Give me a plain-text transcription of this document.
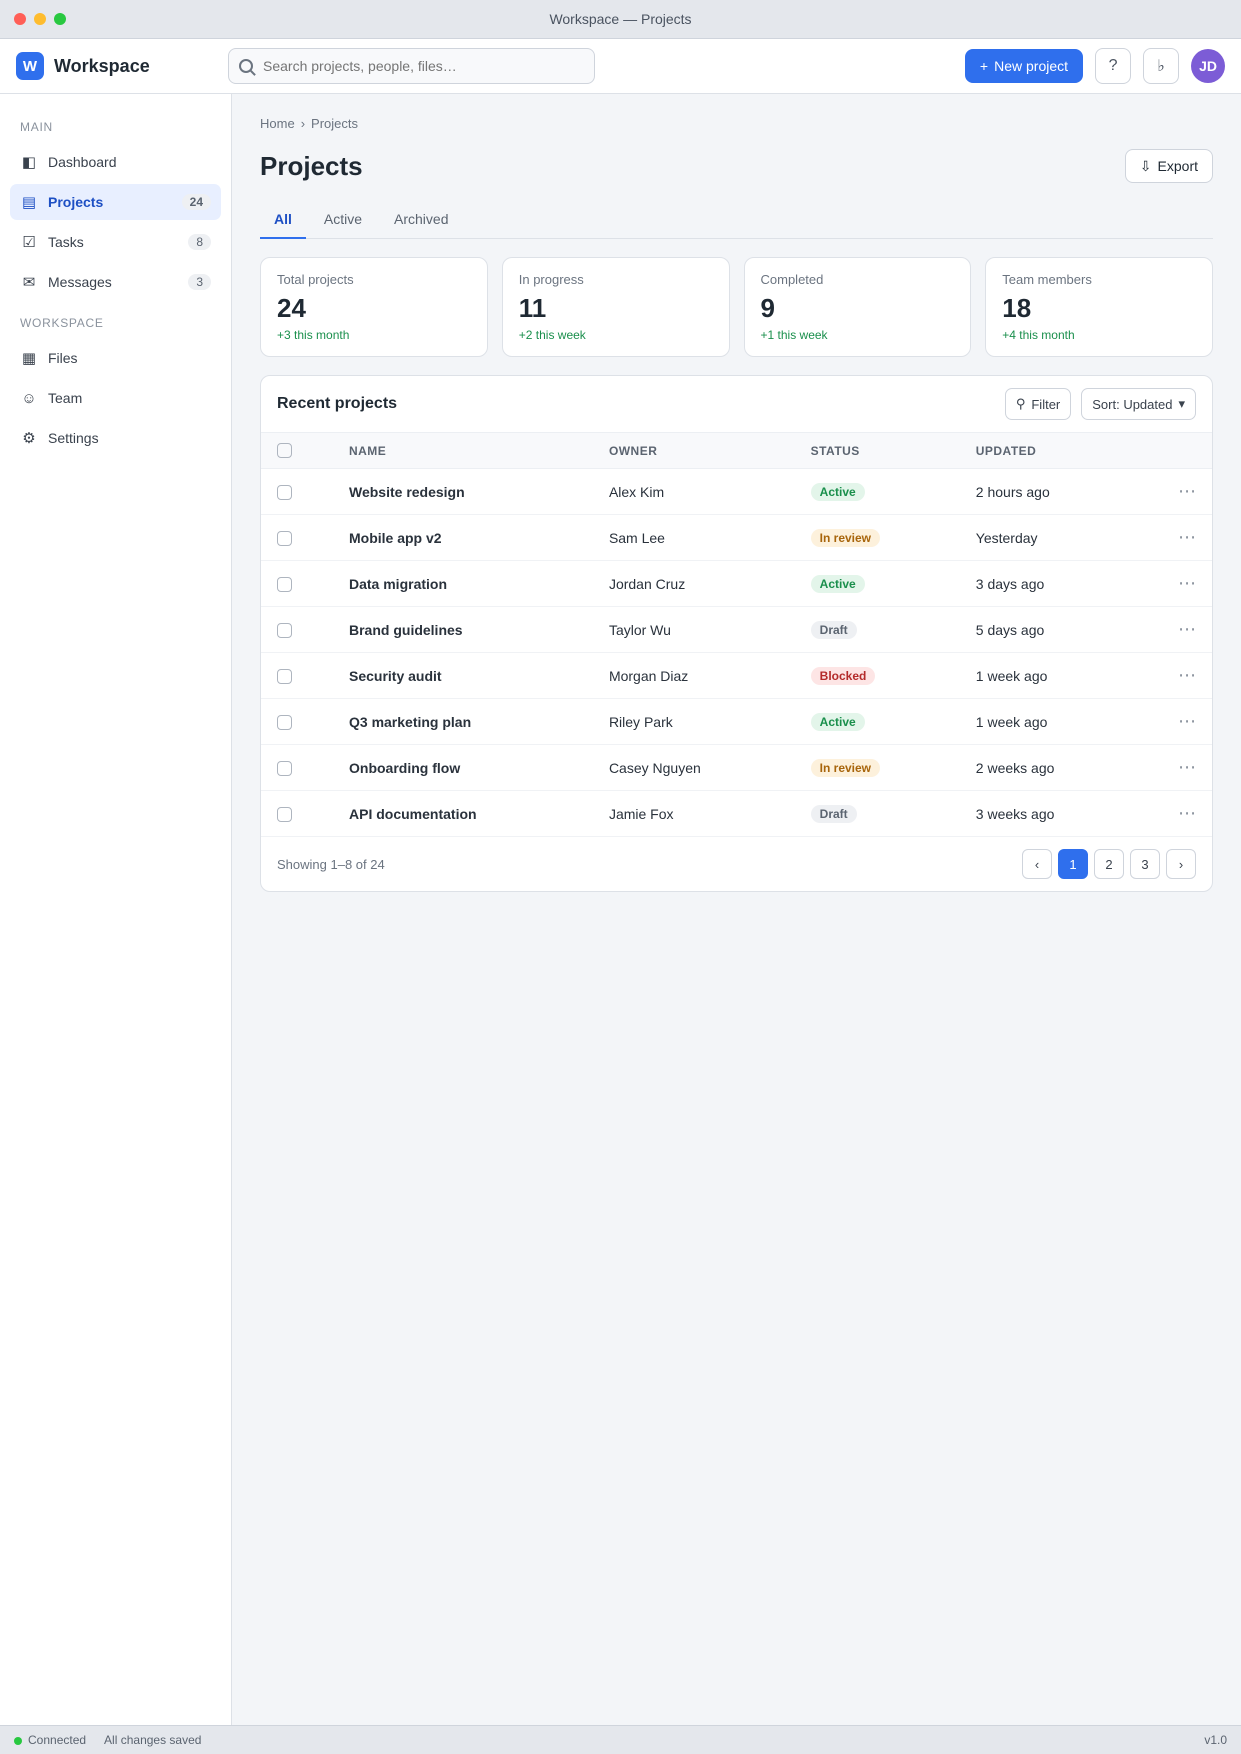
Workspace — Projects
W Workspace
Search projects, people, files…	+ New project	?	♭	JD
MAIN
◧ Dashboard
▤ Projects	24
☑ Tasks	8
✉ Messages	3
WORKSPACE
▦ Files
☺ Team
⚙ Settings
Home › Projects
Projects	⇩ Export
All	Active	Archived
Total projects
24
+3 this month
In progress
11
+2 this week
Completed
9
+1 this week
Team members
18
+4 this month
Recent projects	⚲ Filter Sort: Updated ▾
	NAME	OWNER	STATUS	UPDATED	
	Website redesign	Alex Kim	Active	2 hours ago	⋯
	Mobile app v2	Sam Lee	In review	Yesterday	⋯
	Data migration	Jordan Cruz	Active	3 days ago	⋯
	Brand guidelines	Taylor Wu	Draft	5 days ago	⋯
	Security audit	Morgan Diaz	Blocked	1 week ago	⋯
	Q3 marketing plan	Riley Park	Active	1 week ago	⋯
	Onboarding flow	Casey Nguyen	In review	2 weeks ago	⋯
	API documentation	Jamie Fox	Draft	3 weeks ago	⋯
Showing 1–8 of 24	‹	1	2	3	›
Connected All changes saved	v1.0
